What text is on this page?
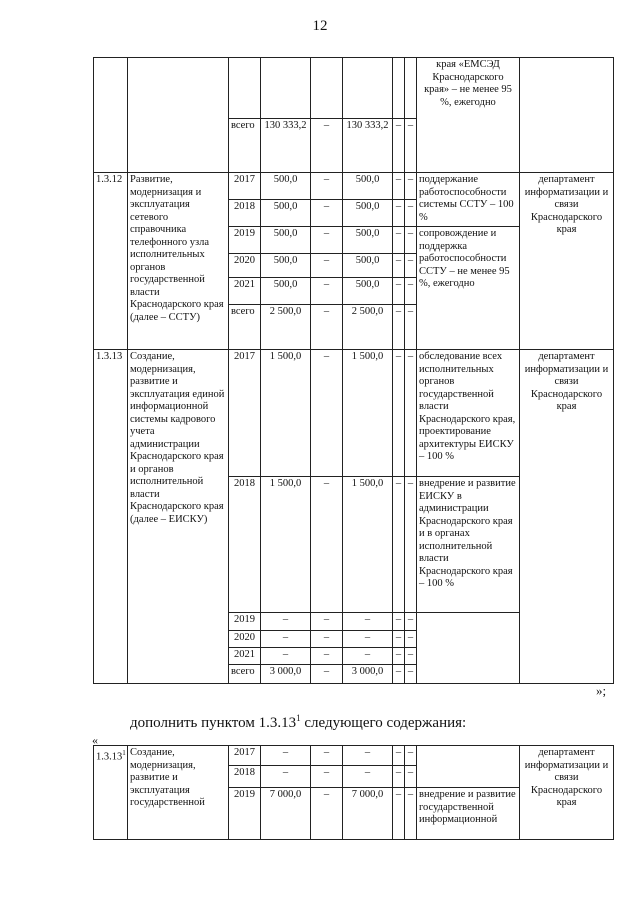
12
								края «ЕМСЭД Краснодарского края» – не менее 95 %, ежегодно	
		всего	130 333,2	–	130 333,2	–	–		
1.3.12	Развитие, модернизация и эксплуатация сетевого справочника телефонного узла исполнительных органов государственной власти Краснодарского края (далее – ССТУ)	2017	500,0	–	500,0	–	–	поддержание работоспособности системы ССТУ – 100 %	департамент информатизации и связи Краснодарского края
		2018	500,0	–	500,0	–	–		
		2019	500,0	–	500,0	–	–	сопровождение и поддержка работоспособности ССТУ – не менее 95 %, ежегодно	
		2020	500,0	–	500,0	–	–		
		2021	500,0	–	500,0	–	–		
		всего	2 500,0	–	2 500,0	–	–		
1.3.13	Создание, модернизация, развитие и эксплуатация единой информационной системы кадрового учета администрации Краснодарского края и органов исполнительной власти Краснодарского края (далее – ЕИСКУ)	2017	1 500,0	–	1 500,0	–	–	обследование всех исполнительных органов государственной власти Краснодарского края, проектирование архитектуры ЕИСКУ – 100 %	департамент информатизации и связи Краснодарского края
		2018	1 500,0	–	1 500,0	–	–	внедрение и развитие ЕИСКУ в администрации Краснодарского края и в органах исполнительной власти Краснодарского края – 100 %	
		2019	–	–	–	–	–		
		2020	–	–	–	–	–		
		2021	–	–	–	–	–		
		всего	3 000,0	–	3 000,0	–	–		
»;
дополнить пунктом 1.3.13$^1$ следующего содержания:
«
1.3.13$^1$	Создание, модернизация, развитие и эксплуатация государственной	2017	–	–	–	–	–		департамент информатизации и связи Краснодарского края
		2018	–	–	–	–	–		
		2019	7 000,0	–	7 000,0	–	–	внедрение и развитие государственной информационной	
